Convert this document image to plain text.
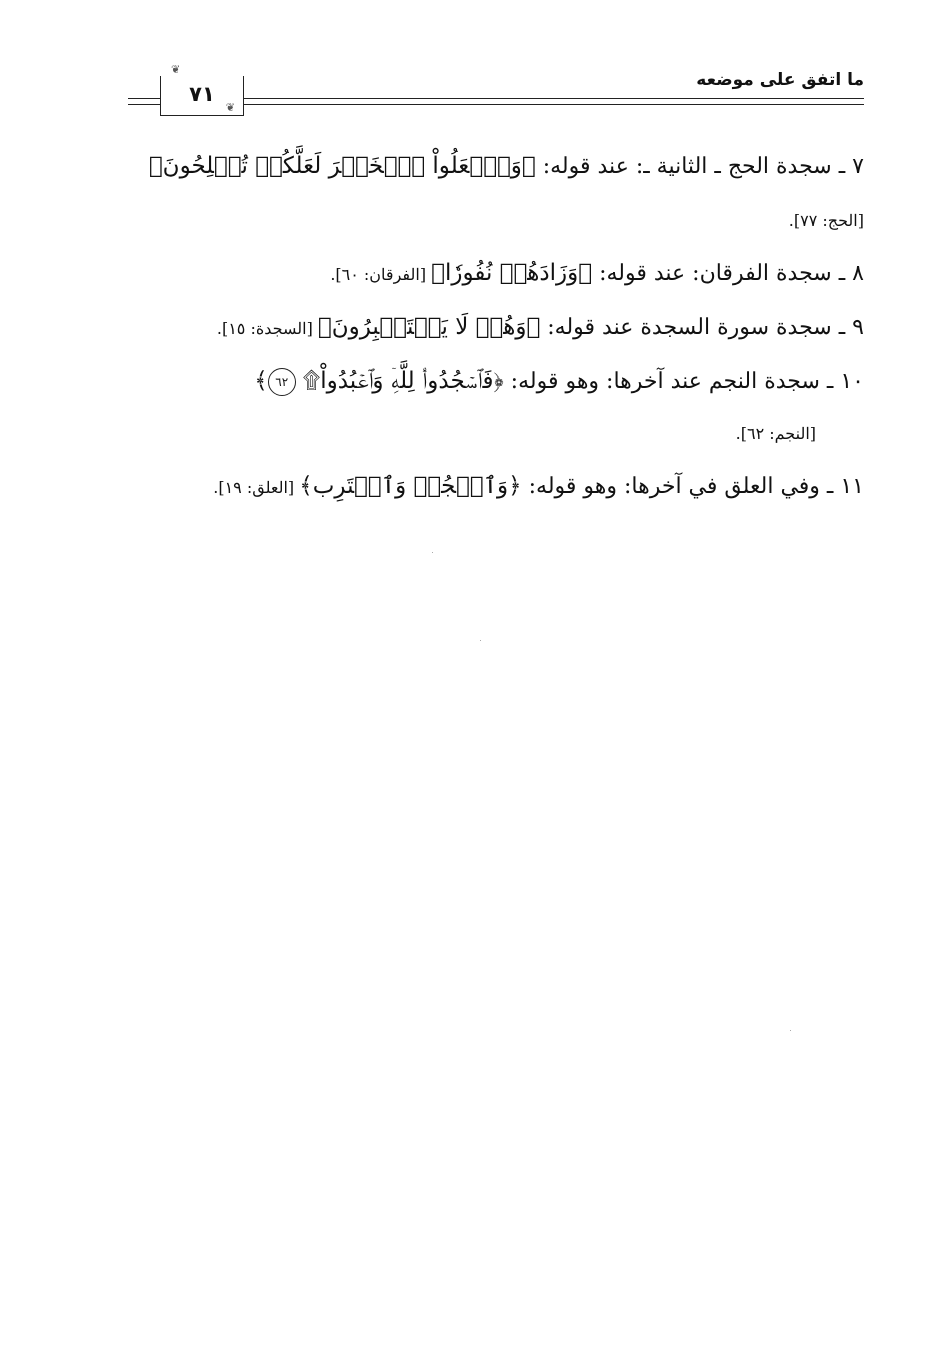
ما اتفق على موضعه
❦
٧١
❦

٧ ـ سجدة الحج ـ الثانية ـ: عند قوله: ﴿وَٱفۡعَلُواْ ٱلۡخَيۡرَ لَعَلَّكُمۡ تُفۡلِحُونَ﴾ [الحج: ٧٧].

٨ ـ سجدة الفرقان: عند قوله: ﴿وَزَادَهُمۡ نُفُورٗا﴾ [الفرقان: ٦٠].

٩ ـ سجدة سورة السجدة عند قوله: ﴿وَهُمۡ لَا يَسۡتَكۡبِرُونَ﴾ [السجدة: ١٥].

١٠ ـ سجدة النجم عند آخرها: وهو قوله: ﴿فَٱسۡجُدُواْۤ لِلَّهِۤ وَٱعۡبُدُواْ۩ ٦٢﴾
[النجم: ٦٢].

١١ ـ وفي العلق في آخرها: وهو قوله: ﴿وَٱسۡجُدۡ وَٱقۡتَرِب﴾ [العلق: ١٩].
